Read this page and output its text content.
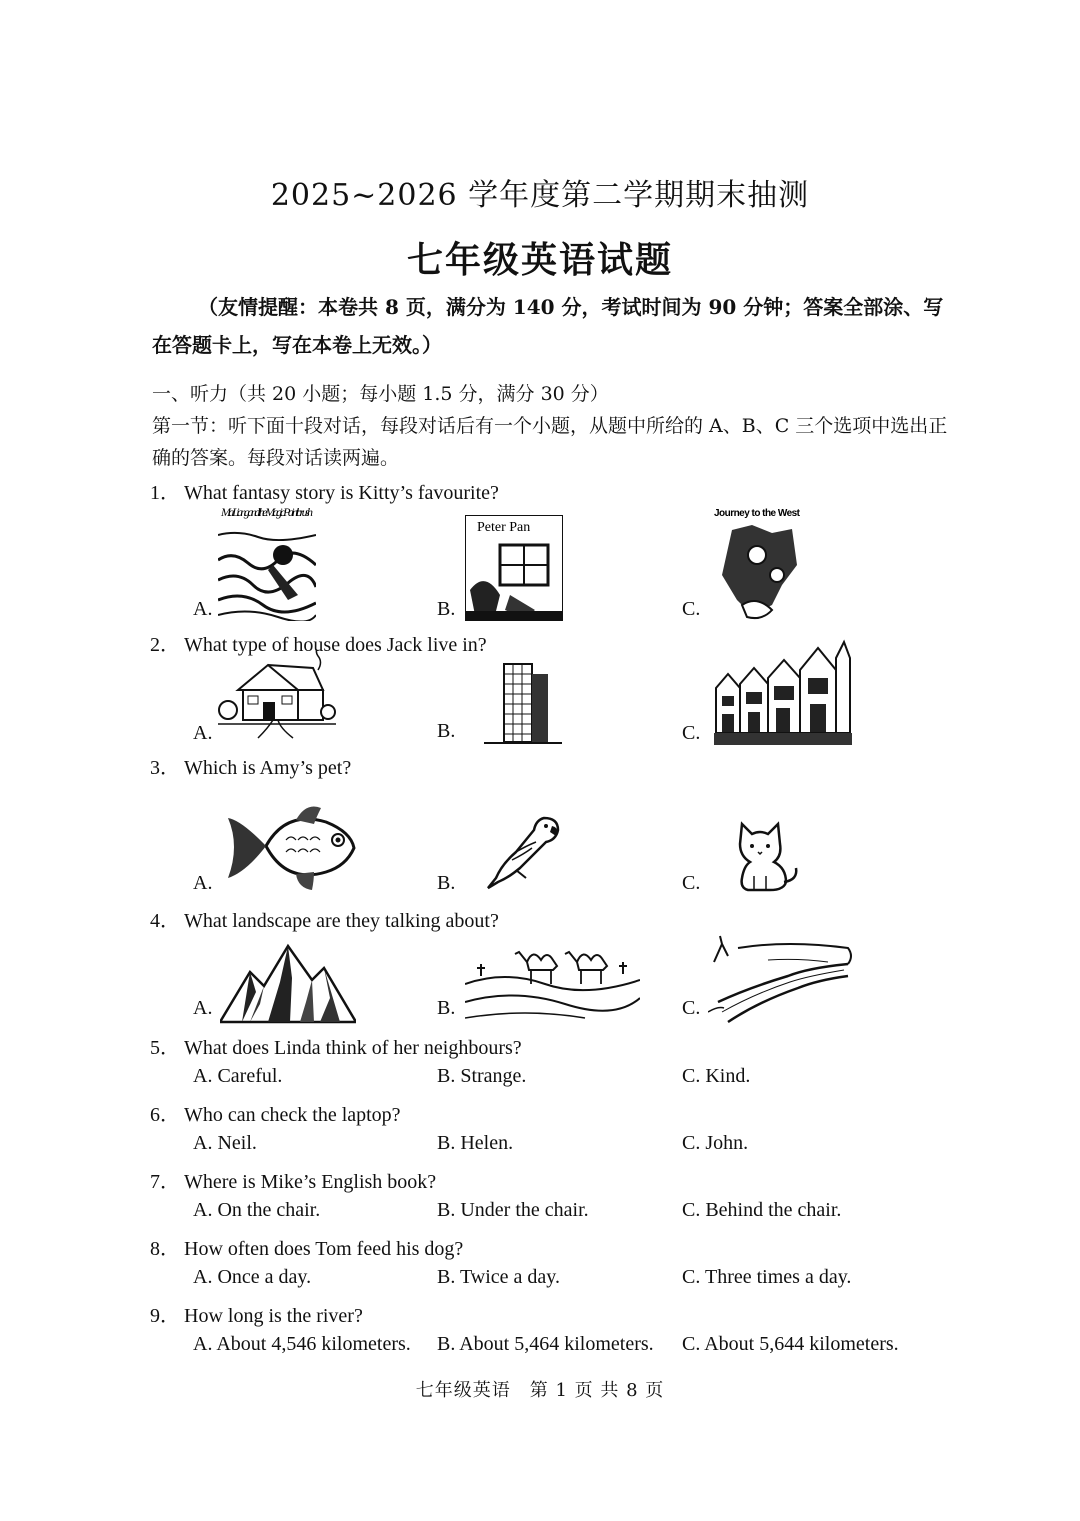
2025~2026 学年度第二学期期末抽测
七年级英语试题
（友情提醒：本卷共 8 页，满分为 140 分，考试时间为 90 分钟；答案全部涂、写在答题卡上，写在本卷上无效。）
一、听力（共 20 小题；每小题 1.5 分，满分 30 分）
第一节：听下面十段对话，每段对话后有一个小题，从题中所给的 A、B、C 三个选项中选出正确的答案。每段对话读两遍。
1． What fantasy story is Kitty’s favourite?
A.	B.	C.
Ma Liang and the Magic Paintbrush
Peter Pan
Journey to the West
2． What type of house does Jack live in?
A.	B.	C.
3． Which is Amy’s pet?
A.	B.	C.
4． What landscape are they talking about?
A.	B.	C.
5． What does Linda think of her neighbours?
A. Careful.	B. Strange.	C. Kind.
6． Who can check the laptop?
A. Neil.	B. Helen.	C. John.
7． Where is Mike’s English book?
A. On the chair.	B. Under the chair.	C. Behind the chair.
8． How often does Tom feed his dog?
A. Once a day.	B. Twice a day.	C. Three times a day.
9． How long is the river?
A. About 4,546 kilometers. B. About 5,464 kilometers. C. About 5,644 kilometers.
七年级英语　第 1 页 共 8 页
